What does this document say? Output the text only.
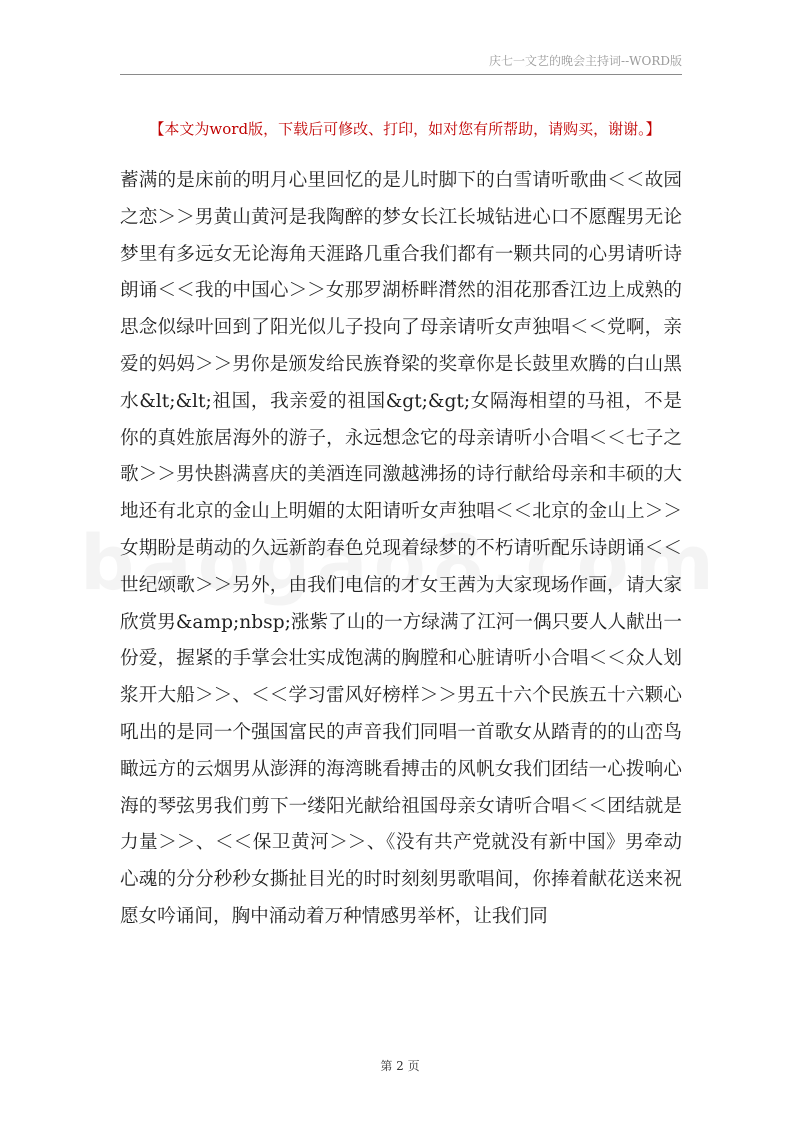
庆七一文艺的晚会主持词--WORD版
【本文为word版，下载后可修改、打印，如对您有所帮助，请购买，谢谢。】

蓄满的是床前的明月心里回忆的是儿时脚下的白雪请听歌曲＜＜故园之恋＞＞男黄山黄河是我陶醉的梦女长江长城钻进心口不愿醒男无论梦里有多远女无论海角天涯路几重合我们都有一颗共同的心男请听诗朗诵＜＜我的中国心＞＞女那罗湖桥畔潸然的泪花那香江边上成熟的思念似绿叶回到了阳光似儿子投向了母亲请听女声独唱＜＜党啊，亲爱的妈妈＞＞男你是颁发给民族脊梁的奖章你是长鼓里欢腾的白山黑水&lt;&lt;祖国，我亲爱的祖国&gt;&gt;女隔海相望的马祖，不是你的真姓旅居海外的游子，永远想念它的母亲请听小合唱＜＜七子之歌＞＞男快斟满喜庆的美酒连同激越沸扬的诗行献给母亲和丰硕的大地还有北京的金山上明媚的太阳请听女声独唱＜＜北京的金山上＞＞女期盼是萌动的久远新韵春色兑现着绿梦的不朽请听配乐诗朗诵＜＜世纪颂歌＞＞另外，由我们电信的才女王茜为大家现场作画，请大家欣赏男&amp;nbsp;涨紫了山的一方绿满了江河一偶只要人人献出一份爱，握紧的手掌会壮实成饱满的胸膛和心脏请听小合唱＜＜众人划浆开大船＞＞、＜＜学习雷风好榜样＞＞男五十六个民族五十六颗心吼出的是同一个强国富民的声音我们同唱一首歌女从踏青的的山峦鸟瞰远方的云烟男从澎湃的海湾眺看搏击的风帆女我们团结一心拨响心海的琴弦男我们剪下一缕阳光献给祖国母亲女请听合唱＜＜团结就是力量＞＞、＜＜保卫黄河＞＞、《没有共产党就没有新中国》男牵动心魂的分分秒秒女撕扯目光的时时刻刻男歌唱间，你捧着献花送来祝愿女吟诵间，胸中涌动着万种情感男举杯，让我们同

第 2 页
